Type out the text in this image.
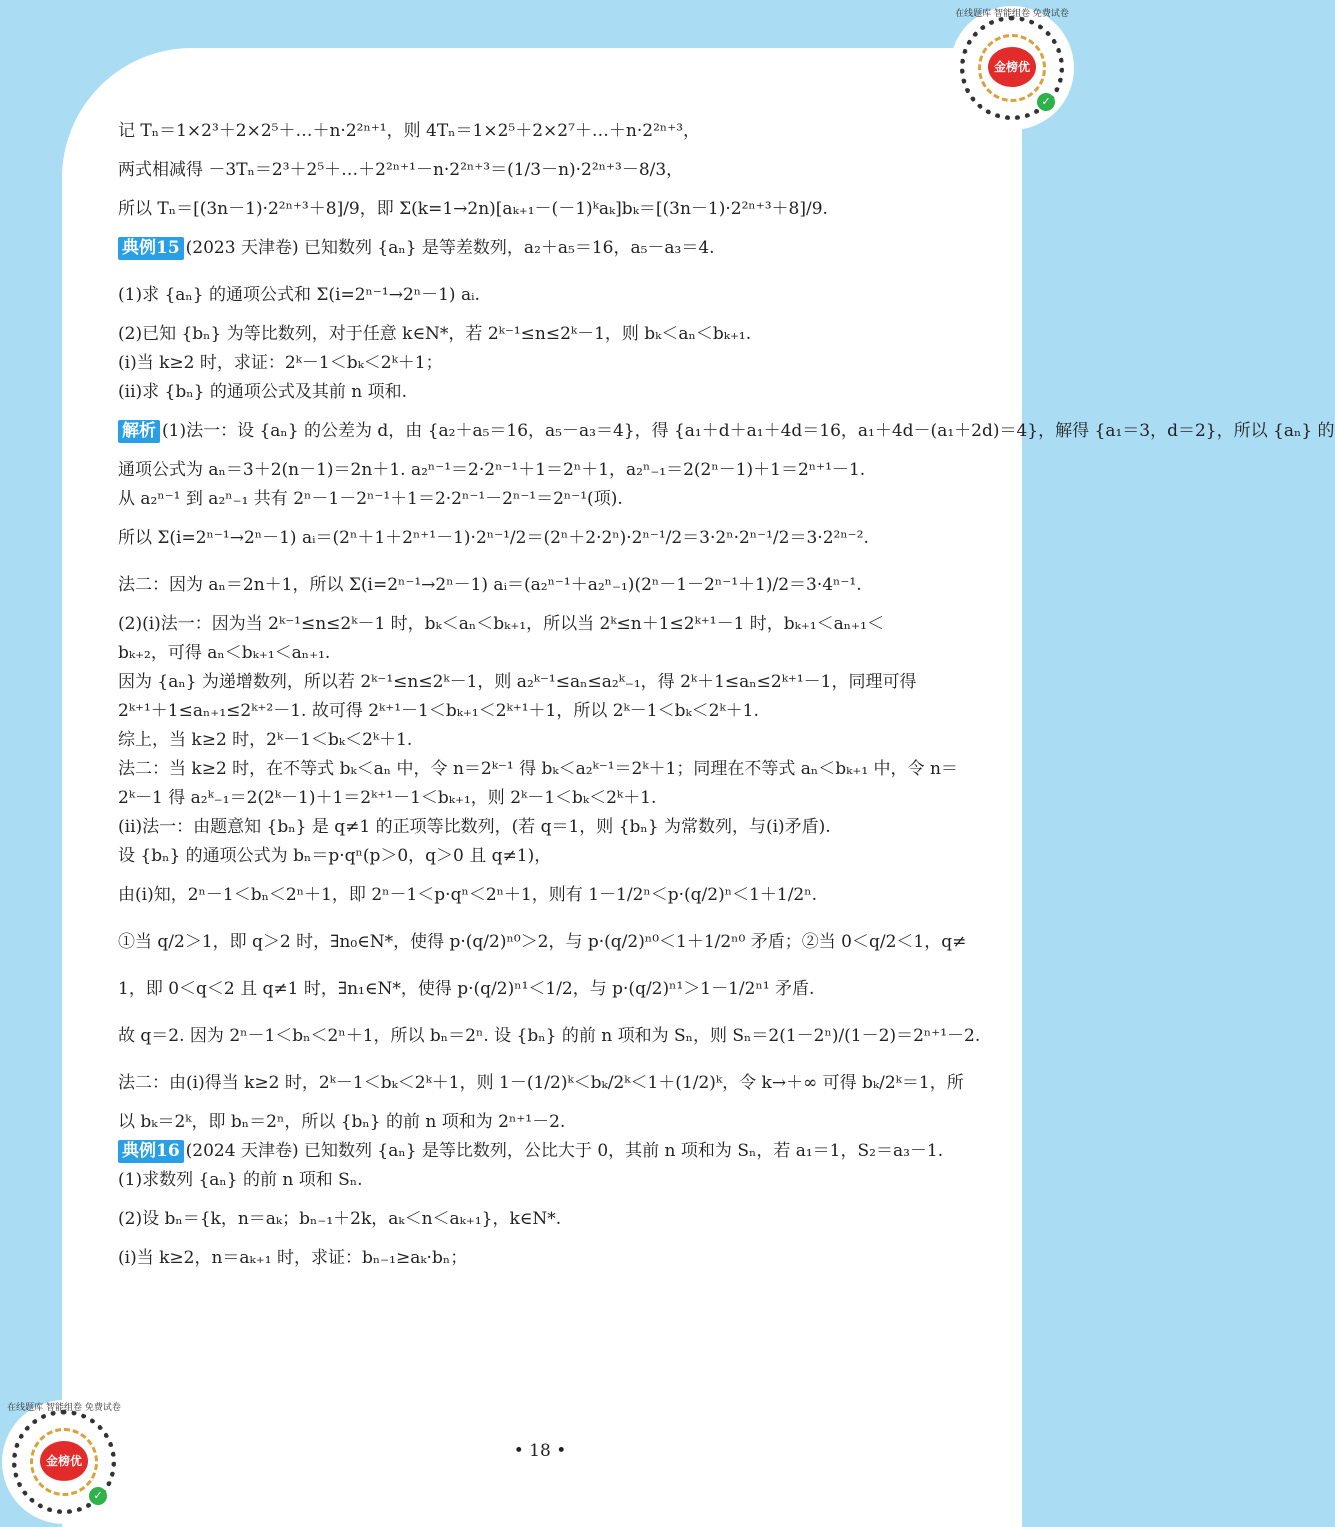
在线题库 智能组卷 免费试卷
金榜优
✓
在线题库 智能组卷 免费试卷
金榜优
✓

记 Tₙ＝1×2³＋2×2⁵＋…＋n·2²ⁿ⁺¹，则 4Tₙ＝1×2⁵＋2×2⁷＋…＋n·2²ⁿ⁺³，

两式相减得 －3Tₙ＝2³＋2⁵＋…＋2²ⁿ⁺¹－n·2²ⁿ⁺³＝(1/3－n)·2²ⁿ⁺³－8/3，

所以 Tₙ＝[(3n－1)·2²ⁿ⁺³＋8]/9，即 Σ(k=1→2n)[aₖ₊₁－(－1)ᵏaₖ]bₖ＝[(3n－1)·2²ⁿ⁺³＋8]/9.

典例15 (2023 天津卷) 已知数列 {aₙ} 是等差数列，a₂＋a₅＝16，a₅－a₃＝4.

(1)求 {aₙ} 的通项公式和 Σ(i=2ⁿ⁻¹→2ⁿ－1) aᵢ.

(2)已知 {bₙ} 为等比数列，对于任意 k∈N*，若 2ᵏ⁻¹≤n≤2ᵏ－1，则 bₖ＜aₙ＜bₖ₊₁.

(i)当 k≥2 时，求证：2ᵏ－1＜bₖ＜2ᵏ＋1；

(ii)求 {bₙ} 的通项公式及其前 n 项和.

解析 (1)法一：设 {aₙ} 的公差为 d，由 {a₂＋a₅＝16，a₅－a₃＝4}，得 {a₁＋d＋a₁＋4d＝16，a₁＋4d－(a₁＋2d)＝4}，解得 {a₁＝3，d＝2}，所以 {aₙ} 的

通项公式为 aₙ＝3＋2(n－1)＝2n＋1. a₂ⁿ⁻¹＝2·2ⁿ⁻¹＋1＝2ⁿ＋1，a₂ⁿ₋₁＝2(2ⁿ－1)＋1＝2ⁿ⁺¹－1.

从 a₂ⁿ⁻¹ 到 a₂ⁿ₋₁ 共有 2ⁿ－1－2ⁿ⁻¹＋1＝2·2ⁿ⁻¹－2ⁿ⁻¹＝2ⁿ⁻¹(项).

所以 Σ(i=2ⁿ⁻¹→2ⁿ－1) aᵢ＝(2ⁿ＋1＋2ⁿ⁺¹－1)·2ⁿ⁻¹/2＝(2ⁿ＋2·2ⁿ)·2ⁿ⁻¹/2＝3·2ⁿ·2ⁿ⁻¹/2＝3·2²ⁿ⁻².

法二：因为 aₙ＝2n＋1，所以 Σ(i=2ⁿ⁻¹→2ⁿ－1) aᵢ＝(a₂ⁿ⁻¹＋a₂ⁿ₋₁)(2ⁿ－1－2ⁿ⁻¹＋1)/2＝3·4ⁿ⁻¹.

(2)(i)法一：因为当 2ᵏ⁻¹≤n≤2ᵏ－1 时，bₖ＜aₙ＜bₖ₊₁，所以当 2ᵏ≤n＋1≤2ᵏ⁺¹－1 时，bₖ₊₁＜aₙ₊₁＜

bₖ₊₂，可得 aₙ＜bₖ₊₁＜aₙ₊₁.

因为 {aₙ} 为递增数列，所以若 2ᵏ⁻¹≤n≤2ᵏ－1，则 a₂ᵏ⁻¹≤aₙ≤a₂ᵏ₋₁，得 2ᵏ＋1≤aₙ≤2ᵏ⁺¹－1，同理可得

2ᵏ⁺¹＋1≤aₙ₊₁≤2ᵏ⁺²－1. 故可得 2ᵏ⁺¹－1＜bₖ₊₁＜2ᵏ⁺¹＋1，所以 2ᵏ－1＜bₖ＜2ᵏ＋1.

综上，当 k≥2 时，2ᵏ－1＜bₖ＜2ᵏ＋1.

法二：当 k≥2 时，在不等式 bₖ＜aₙ 中，令 n＝2ᵏ⁻¹ 得 bₖ＜a₂ᵏ⁻¹＝2ᵏ＋1；同理在不等式 aₙ＜bₖ₊₁ 中，令 n＝

2ᵏ－1 得 a₂ᵏ₋₁＝2(2ᵏ－1)＋1＝2ᵏ⁺¹－1＜bₖ₊₁，则 2ᵏ－1＜bₖ＜2ᵏ＋1.

(ii)法一：由题意知 {bₙ} 是 q≠1 的正项等比数列，(若 q＝1，则 {bₙ} 为常数列，与(i)矛盾).

设 {bₙ} 的通项公式为 bₙ＝p·qⁿ(p＞0，q＞0 且 q≠1)，

由(i)知，2ⁿ－1＜bₙ＜2ⁿ＋1，即 2ⁿ－1＜p·qⁿ＜2ⁿ＋1，则有 1－1/2ⁿ＜p·(q/2)ⁿ＜1＋1/2ⁿ.

①当 q/2＞1，即 q＞2 时，∃n₀∈N*，使得 p·(q/2)ⁿ⁰＞2，与 p·(q/2)ⁿ⁰＜1＋1/2ⁿ⁰ 矛盾；②当 0＜q/2＜1，q≠

1，即 0＜q＜2 且 q≠1 时，∃n₁∈N*，使得 p·(q/2)ⁿ¹＜1/2，与 p·(q/2)ⁿ¹＞1－1/2ⁿ¹ 矛盾.

故 q＝2. 因为 2ⁿ－1＜bₙ＜2ⁿ＋1，所以 bₙ＝2ⁿ. 设 {bₙ} 的前 n 项和为 Sₙ，则 Sₙ＝2(1－2ⁿ)/(1－2)＝2ⁿ⁺¹－2.

法二：由(i)得当 k≥2 时，2ᵏ－1＜bₖ＜2ᵏ＋1，则 1－(1/2)ᵏ＜bₖ/2ᵏ＜1＋(1/2)ᵏ，令 k→＋∞ 可得 bₖ/2ᵏ＝1，所

以 bₖ＝2ᵏ，即 bₙ＝2ⁿ，所以 {bₙ} 的前 n 项和为 2ⁿ⁺¹－2.

典例16 (2024 天津卷) 已知数列 {aₙ} 是等比数列，公比大于 0，其前 n 项和为 Sₙ，若 a₁＝1，S₂＝a₃－1.

(1)求数列 {aₙ} 的前 n 项和 Sₙ.

(2)设 bₙ＝{k，n＝aₖ；bₙ₋₁＋2k，aₖ＜n＜aₖ₊₁}，k∈N*.

(i)当 k≥2，n＝aₖ₊₁ 时，求证：bₙ₋₁≥aₖ·bₙ；

• 18 •
